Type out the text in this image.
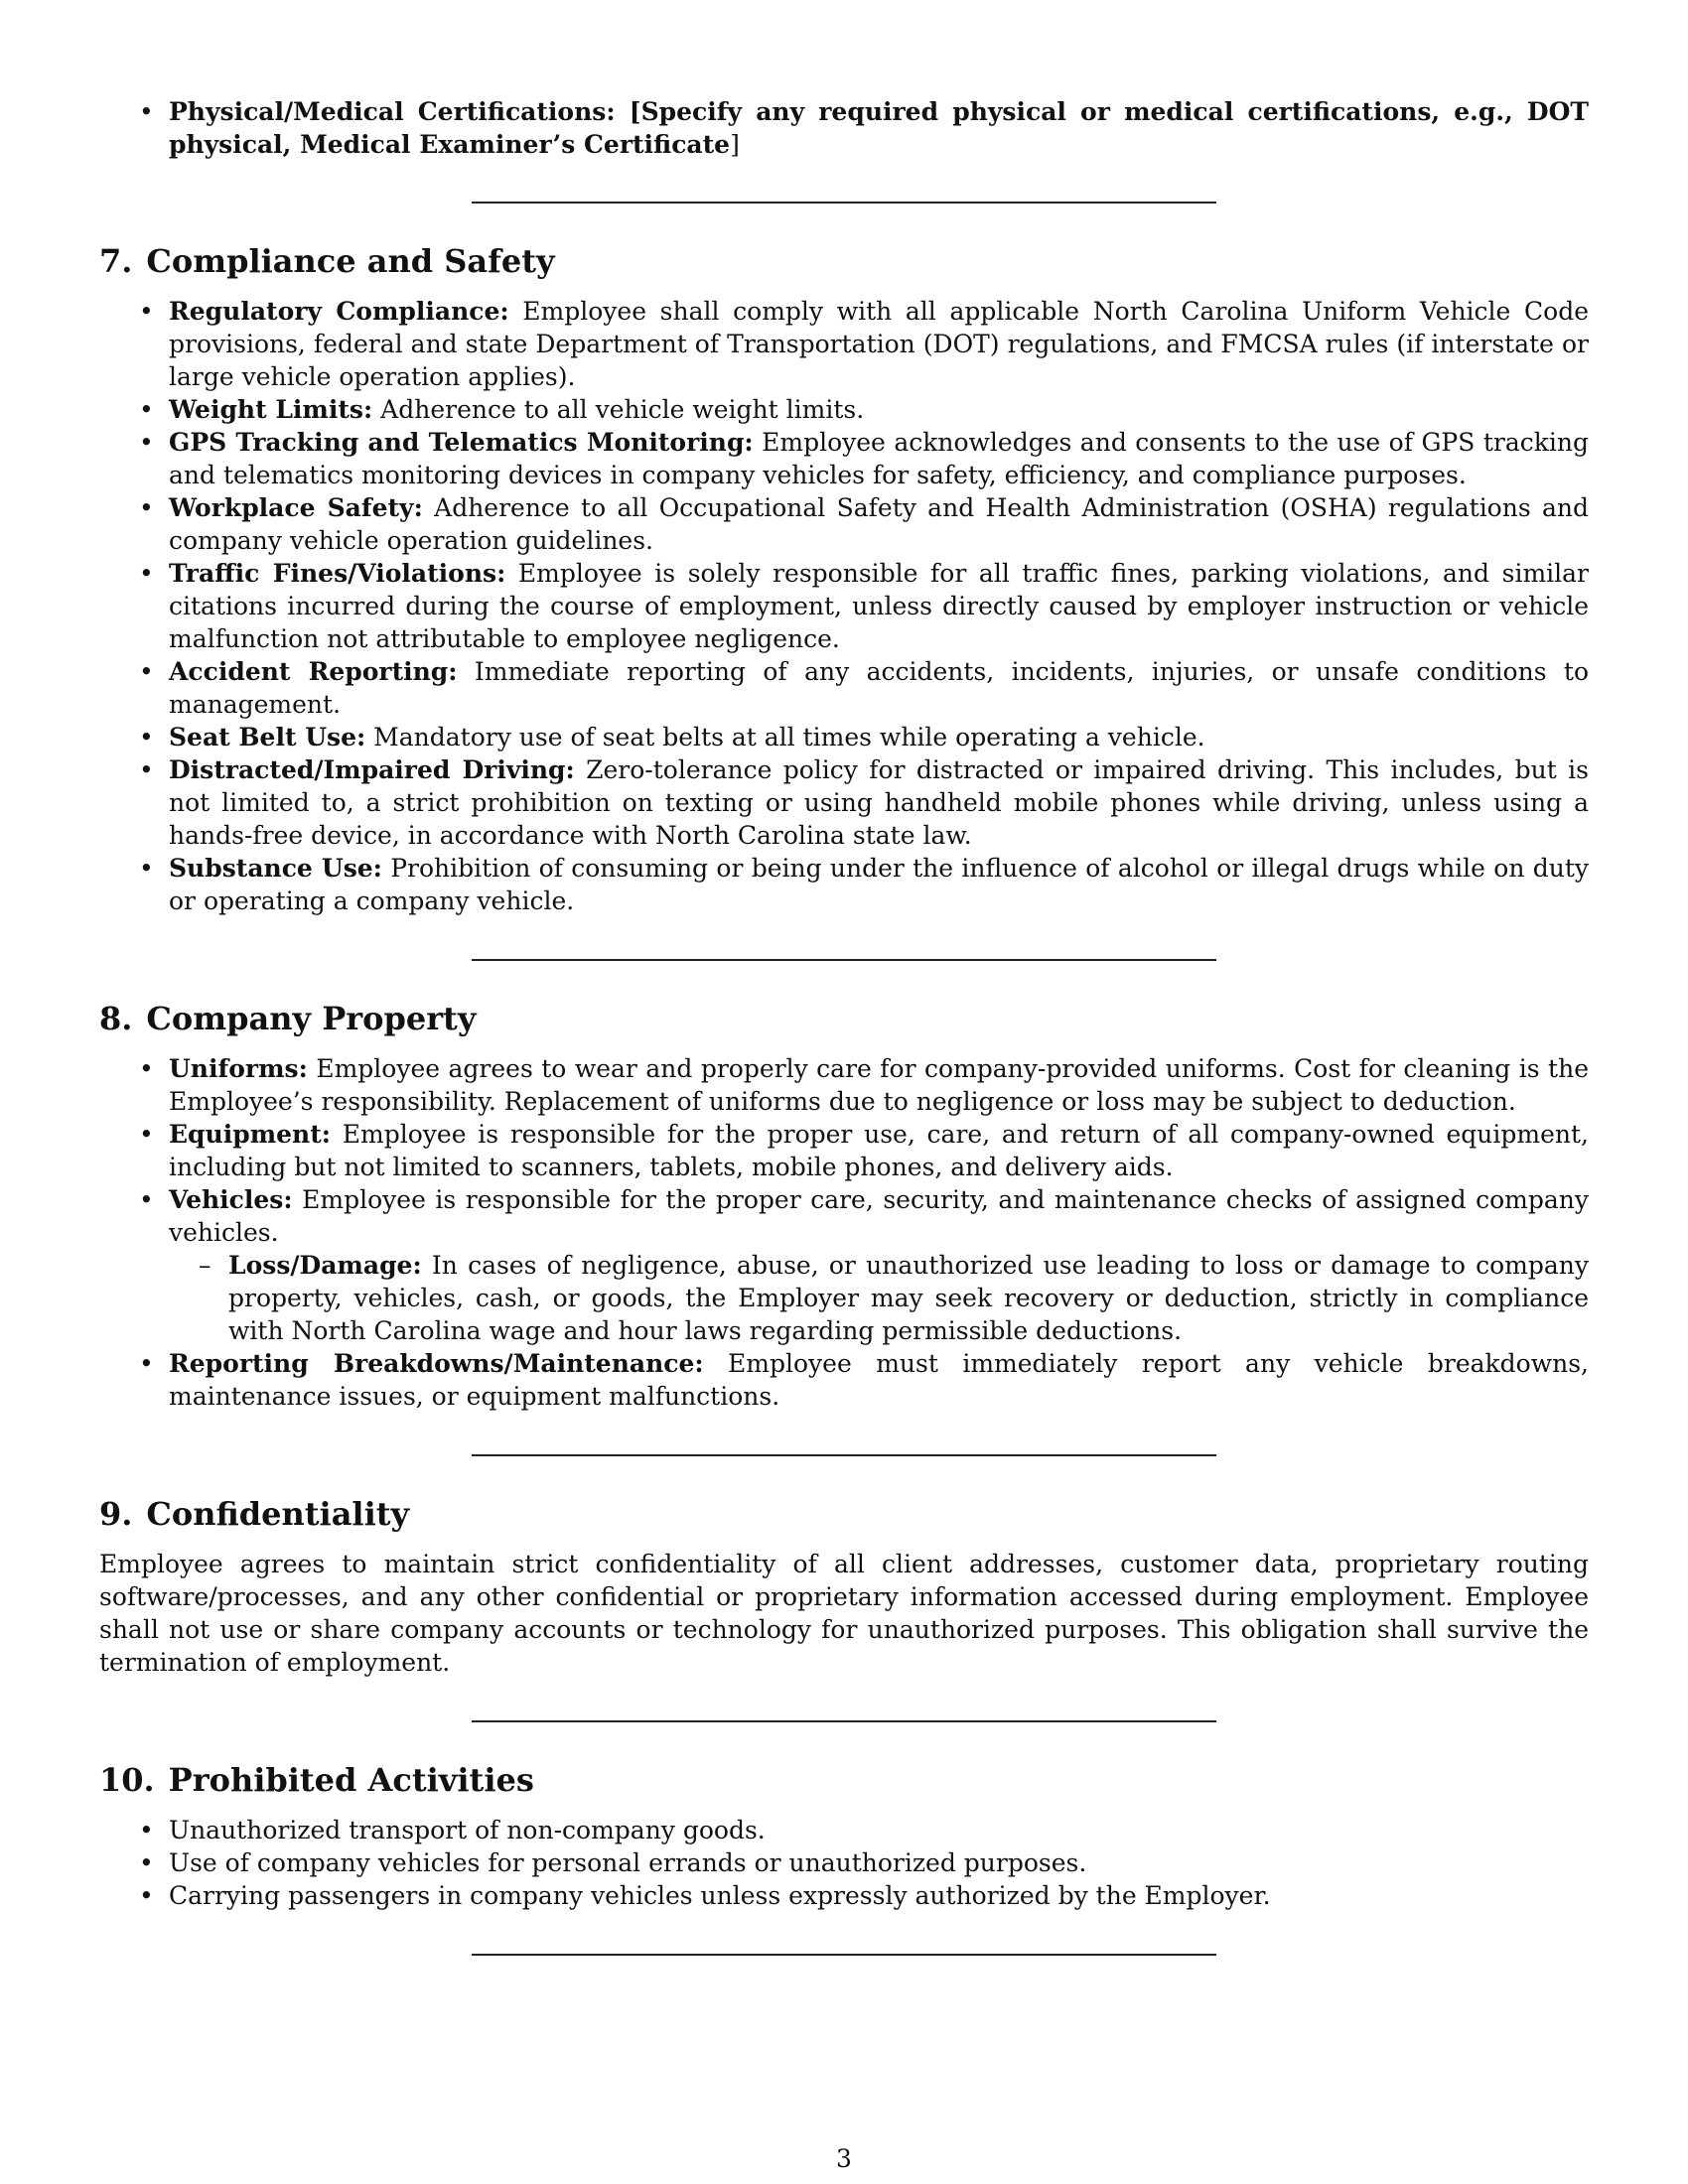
• Physical/Medical Certifications: [Specify any required physical or medical certifications, e.g., DOT physical, Medical Examiner’s Certificate]
7. Compliance and Safety
• Regulatory Compliance: Employee shall comply with all applicable North Carolina Uniform Vehicle Code provisions, federal and state Department of Transportation (DOT) regulations, and FMCSA rules (if interstate or large vehicle operation applies).
• Weight Limits: Adherence to all vehicle weight limits.
• GPS Tracking and Telematics Monitoring: Employee acknowledges and consents to the use of GPS tracking and telematics monitoring devices in company vehicles for safety, efficiency, and compliance purposes.
• Workplace Safety: Adherence to all Occupational Safety and Health Administration (OSHA) regulations and company vehicle operation guidelines.
• Traffic Fines/Violations: Employee is solely responsible for all traffic fines, parking violations, and similar citations incurred during the course of employment, unless directly caused by employer instruction or vehicle malfunction not attributable to employee negligence.
• Accident Reporting: Immediate reporting of any accidents, incidents, injuries, or unsafe conditions to management.
• Seat Belt Use: Mandatory use of seat belts at all times while operating a vehicle.
• Distracted/Impaired Driving: Zero-tolerance policy for distracted or impaired driving. This includes, but is not limited to, a strict prohibition on texting or using handheld mobile phones while driving, unless using a hands-free device, in accordance with North Carolina state law.
• Substance Use: Prohibition of consuming or being under the influence of alcohol or illegal drugs while on duty or operating a company vehicle.
8. Company Property
• Uniforms: Employee agrees to wear and properly care for company-provided uniforms. Cost for cleaning is the Employee’s responsibility. Replacement of uniforms due to negligence or loss may be subject to deduction.
• Equipment: Employee is responsible for the proper use, care, and return of all company-owned equipment, including but not limited to scanners, tablets, mobile phones, and delivery aids.
• Vehicles: Employee is responsible for the proper care, security, and maintenance checks of assigned company vehicles.
– Loss/Damage: In cases of negligence, abuse, or unauthorized use leading to loss or damage to company property, vehicles, cash, or goods, the Employer may seek recovery or deduction, strictly in compliance with North Carolina wage and hour laws regarding permissible deductions.
• Reporting Breakdowns/Maintenance: Employee must immediately report any vehicle breakdowns, maintenance issues, or equipment malfunctions.
9. Confidentiality

Employee agrees to maintain strict confidentiality of all client addresses, customer data, proprietary routing software/processes, and any other confidential or proprietary information accessed during employment. Employee shall not use or share company accounts or technology for unauthorized purposes. This obligation shall survive the termination of employment.

10. Prohibited Activities
• Unauthorized transport of non-company goods.
• Use of company vehicles for personal errands or unauthorized purposes.
• Carrying passengers in company vehicles unless expressly authorized by the Employer.
3
